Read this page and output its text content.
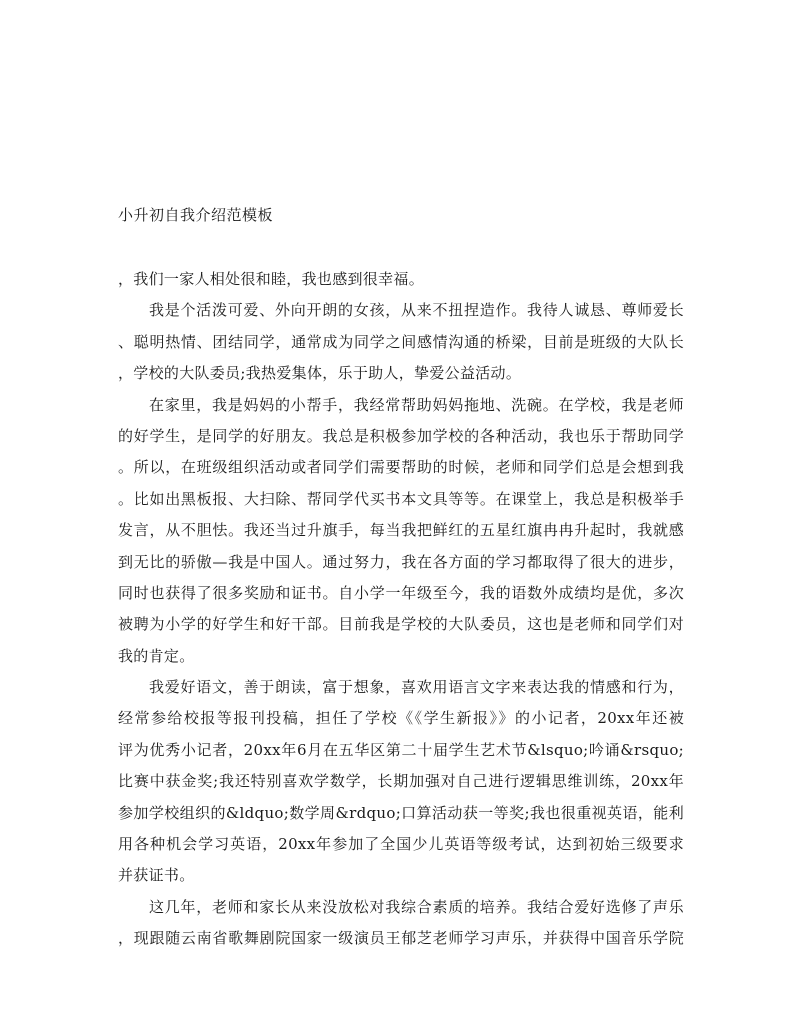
小升初自我介绍范模板
，我们一家人相处很和睦，我也感到很幸福。
我是个活泼可爱、外向开朗的女孩，从来不扭捏造作。我待人诚恳、尊师爱长
、聪明热情、团结同学，通常成为同学之间感情沟通的桥梁，目前是班级的大队长
，学校的大队委员;我热爱集体，乐于助人，挚爱公益活动。
在家里，我是妈妈的小帮手，我经常帮助妈妈拖地、洗碗。在学校，我是老师
的好学生，是同学的好朋友。我总是积极参加学校的各种活动，我也乐于帮助同学
。所以，在班级组织活动或者同学们需要帮助的时候，老师和同学们总是会想到我
。比如出黑板报、大扫除、帮同学代买书本文具等等。在课堂上，我总是积极举手
发言，从不胆怯。我还当过升旗手，每当我把鲜红的五星红旗冉冉升起时，我就感
到无比的骄傲—我是中国人。通过努力，我在各方面的学习都取得了很大的进步，
同时也获得了很多奖励和证书。自小学一年级至今，我的语数外成绩均是优，多次
被聘为小学的好学生和好干部。目前我是学校的大队委员，这也是老师和同学们对
我的肯定。
我爱好语文，善于朗读，富于想象，喜欢用语言文字来表达我的情感和行为，
经常参给校报等报刊投稿，担任了学校《《学生新报》》的小记者，20xx年还被
评为优秀小记者，20xx年6月在五华区第二十届学生艺术节&lsquo;吟诵&rsquo;
比赛中获金奖;我还特别喜欢学数学，长期加强对自己进行逻辑思维训练，20xx年
参加学校组织的&ldquo;数学周&rdquo;口算活动获一等奖;我也很重视英语，能利
用各种机会学习英语，20xx年参加了全国少儿英语等级考试，达到初始三级要求
并获证书。
这几年，老师和家长从来没放松对我综合素质的培养。我结合爱好选修了声乐
，现跟随云南省歌舞剧院国家一级演员王郁芝老师学习声乐，并获得中国音乐学院
